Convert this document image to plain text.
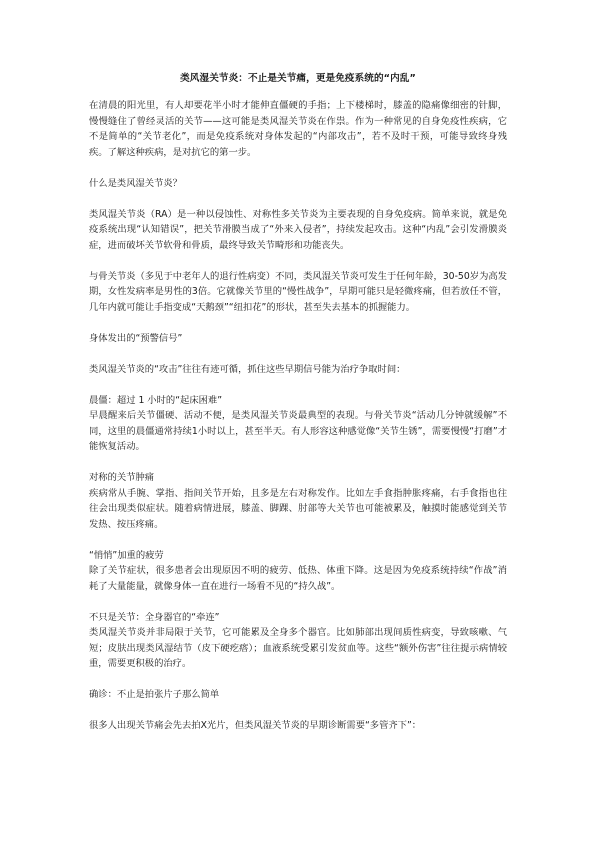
类风湿关节炎：不止是关节痛，更是免疫系统的“内乱”

在清晨的阳光里，有人却要花半小时才能伸直僵硬的手指；上下楼梯时，膝盖的隐痛像细密的针脚，慢慢缝住了曾经灵活的关节——这可能是类风湿关节炎在作祟。作为一种常见的自身免疫性疾病，它不是简单的“关节老化”，而是免疫系统对身体发起的“内部攻击”，若不及时干预，可能导致终身残疾。了解这种疾病，是对抗它的第一步。

什么是类风湿关节炎？

类风湿关节炎（RA）是一种以侵蚀性、对称性多关节炎为主要表现的自身免疫病。简单来说，就是免疫系统出现“认知错误”，把关节滑膜当成了“外来入侵者”，持续发起攻击。这种“内乱”会引发滑膜炎症，进而破坏关节软骨和骨质，最终导致关节畸形和功能丧失。

与骨关节炎（多见于中老年人的退行性病变）不同，类风湿关节炎可发生于任何年龄，30-50岁为高发期，女性发病率是男性的3倍。它就像关节里的“慢性战争”，早期可能只是轻微疼痛，但若放任不管，几年内就可能让手指变成“天鹅颈”“纽扣花”的形状，甚至失去基本的抓握能力。

身体发出的“预警信号”

类风湿关节炎的“攻击”往往有迹可循，抓住这些早期信号能为治疗争取时间：

晨僵：超过 1 小时的“起床困难”

早晨醒来后关节僵硬、活动不便，是类风湿关节炎最典型的表现。与骨关节炎“活动几分钟就缓解”不同，这里的晨僵通常持续1小时以上，甚至半天。有人形容这种感觉像“关节生锈”，需要慢慢“打磨”才能恢复活动。

对称的关节肿痛

疾病常从手腕、掌指、指间关节开始，且多是左右对称发作。比如左手食指肿胀疼痛，右手食指也往往会出现类似症状。随着病情进展，膝盖、脚踝、肘部等大关节也可能被累及，触摸时能感觉到关节发热、按压疼痛。

“悄悄”加重的疲劳

除了关节症状，很多患者会出现原因不明的疲劳、低热、体重下降。这是因为免疫系统持续“作战”消耗了大量能量，就像身体一直在进行一场看不见的“持久战”。

不只是关节：全身器官的“牵连”

类风湿关节炎并非局限于关节，它可能累及全身多个器官。比如肺部出现间质性病变，导致咳嗽、气短；皮肤出现类风湿结节（皮下硬疙瘩）；血液系统受累引发贫血等。这些“额外伤害”往往提示病情较重，需要更积极的治疗。

确诊：不止是拍张片子那么简单

很多人出现关节痛会先去拍X光片，但类风湿关节炎的早期诊断需要“多管齐下”：
